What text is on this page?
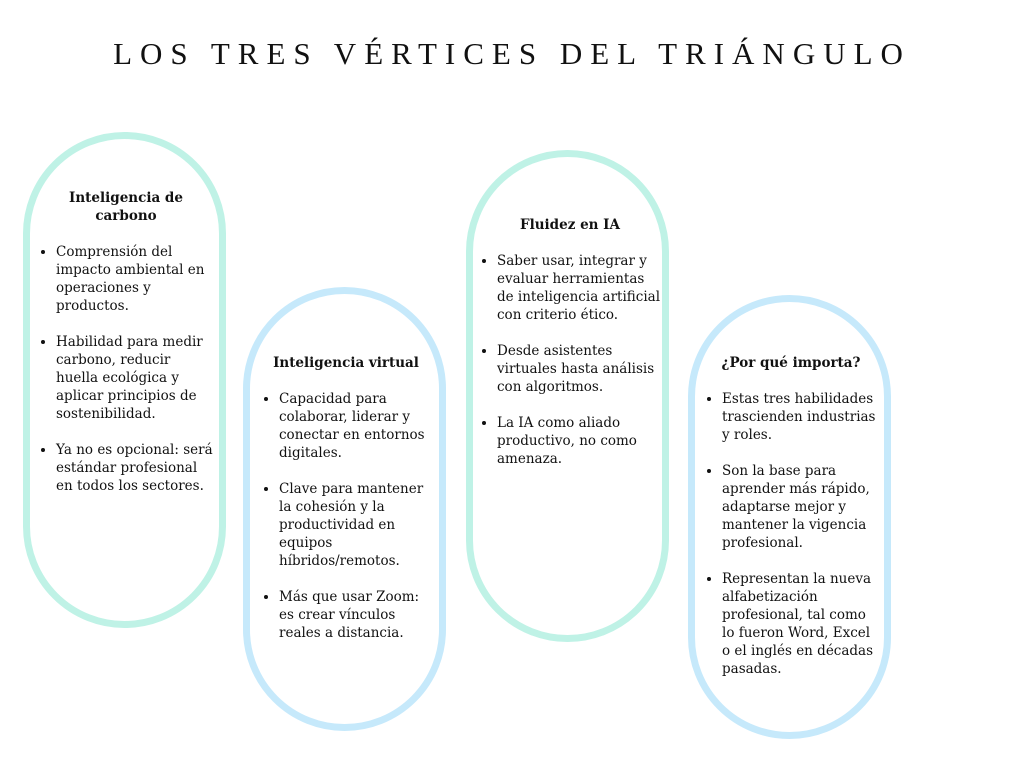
LOS TRES VÉRTICES DEL TRIÁNGULO
Inteligencia de carbono
Comprensión del impacto ambiental en operaciones y productos.
Habilidad para medir carbono, reducir huella ecológica y aplicar principios de sostenibilidad.
Ya no es opcional: será estándar profesional en todos los sectores.
Inteligencia virtual
Capacidad para colaborar, liderar y conectar en entornos digitales.
Clave para mantener la cohesión y la productividad en equipos híbridos/remotos.
Más que usar Zoom: es crear vínculos reales a distancia.
Fluidez en IA
Saber usar, integrar y evaluar herramientas de inteligencia artificial con criterio ético.
Desde asistentes virtuales hasta análisis con algoritmos.
La IA como aliado productivo, no como amenaza.
¿Por qué importa?
Estas tres habilidades trascienden industrias y roles.
Son la base para aprender más rápido, adaptarse mejor y mantener la vigencia profesional.
Representan la nueva alfabetización profesional, tal como lo fueron Word, Excel o el inglés en décadas pasadas.
